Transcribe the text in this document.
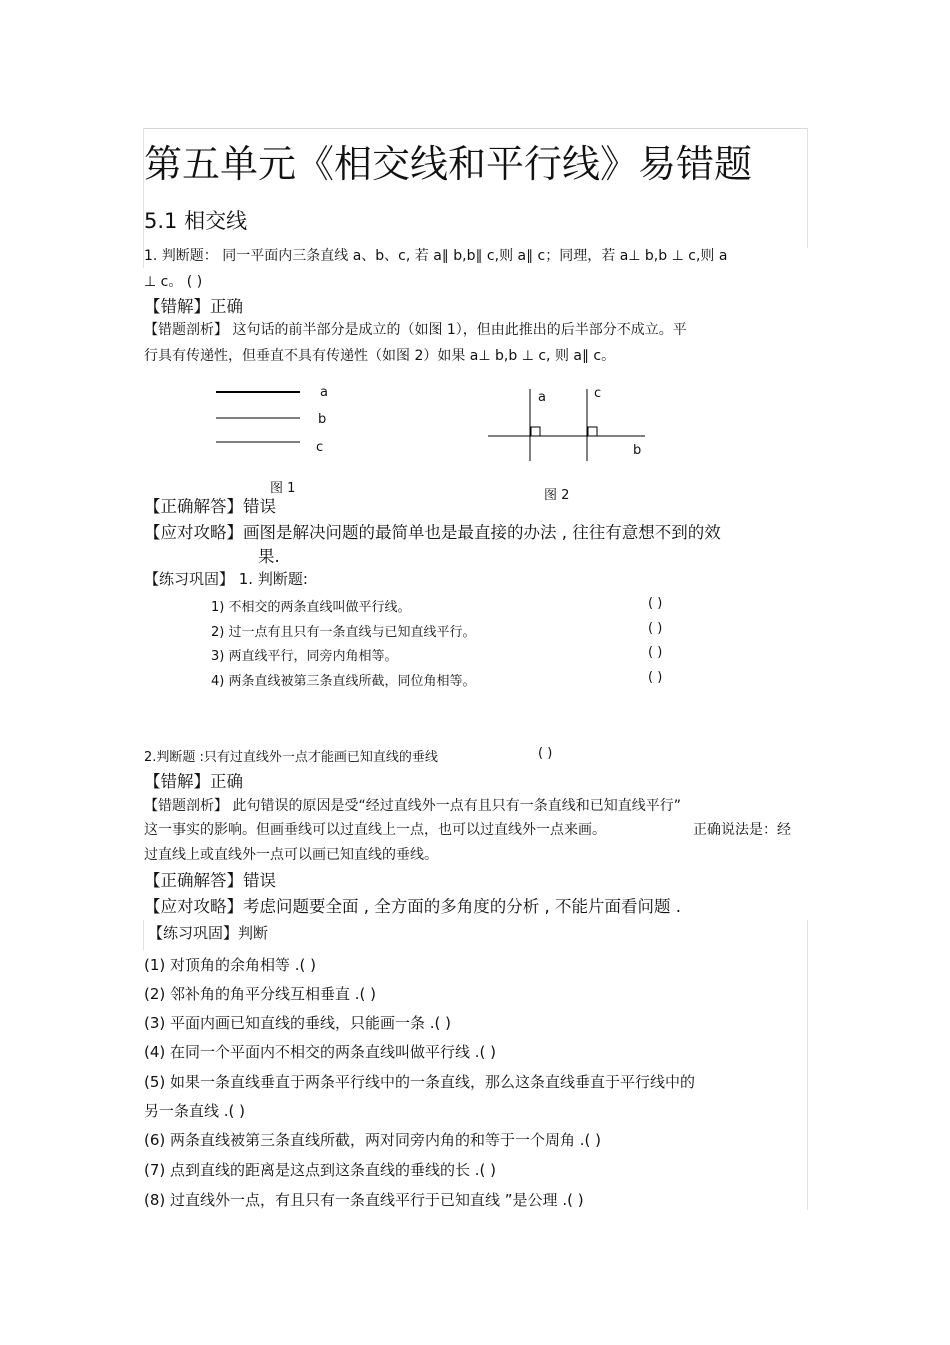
第五单元《相交线和平行线》易错题
5.1 相交线
1. 判断题： 同一平面内三条直线 a、b、c, 若 a∥ b,b∥ c,则 a∥ c；同理，若 a⊥ b,b ⊥ c,则 a
⊥ c。 ( )
【错解】正确
【错题剖析】 这句话的前半部分是成立的（如图 1），但由此推出的后半部分不成立。平
行具有传递性，但垂直不具有传递性（如图 2）如果 a⊥ b,b ⊥ c, 则 a∥ c。
a
b
c
图 1
a	c
b
图 2
【正确解答】错误
【应对攻略】画图是解决问题的最简单也是最直接的办法 , 往往有意想不到的效
果.
【练习巩固】 1. 判断题:
1) 不相交的两条直线叫做平行线。	( )
2) 过一点有且只有一条直线与已知直线平行。	( )
3) 两直线平行，同旁内角相等。	( )
4) 两条直线被第三条直线所截，同位角相等。	( )
2.判断题 :只有过直线外一点才能画已知直线的垂线	( )
【错解】正确
【错题剖析】 此句错误的原因是受“经过直线外一点有且只有一条直线和已知直线平行”
这一事实的影响。但画垂线可以过直线上一点，也可以过直线外一点来画。	正确说法是：经
过直线上或直线外一点可以画已知直线的垂线。
【正确解答】错误
【应对攻略】考虑问题要全面 , 全方面的多角度的分析 , 不能片面看问题 .
【练习巩固】判断
(1) 对顶角的余角相等 .( )
(2) 邻补角的角平分线互相垂直 .( )
(3) 平面内画已知直线的垂线，只能画一条 .( )
(4) 在同一个平面内不相交的两条直线叫做平行线 .( )
(5) 如果一条直线垂直于两条平行线中的一条直线，那么这条直线垂直于平行线中的
另一条直线 .( )
(6) 两条直线被第三条直线所截，两对同旁内角的和等于一个周角 .( )
(7) 点到直线的距离是这点到这条直线的垂线的长 .( )
(8) 过直线外一点，有且只有一条直线平行于已知直线 ”是公理 .( )
